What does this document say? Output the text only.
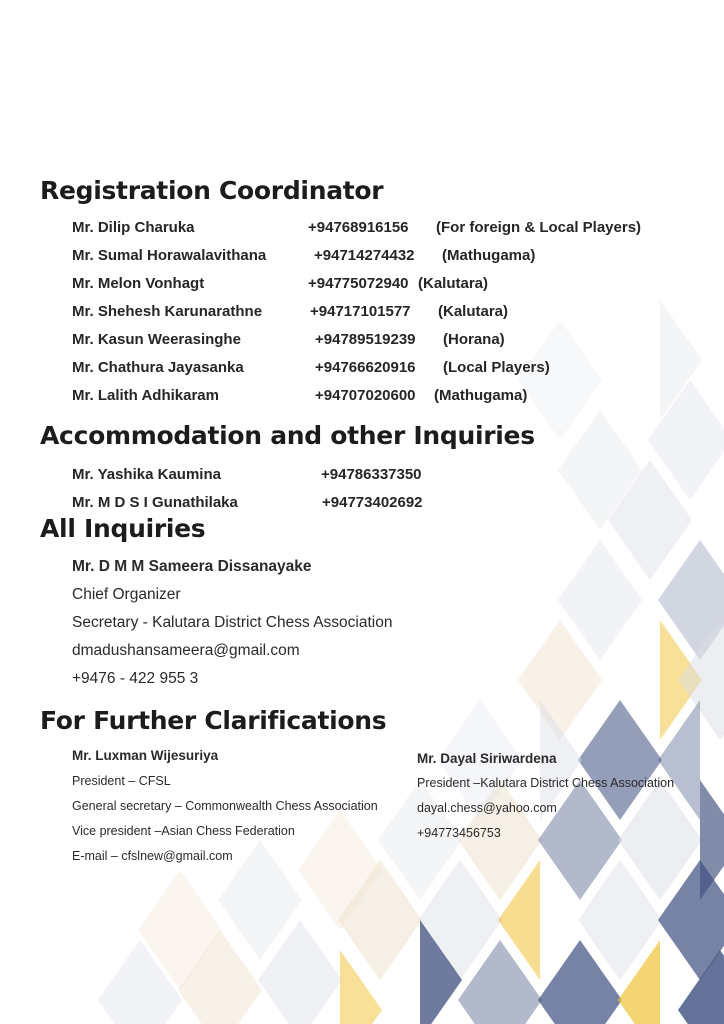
Registration Coordinator
Mr. Dilip Charuka	+94768916156 (For foreign & Local Players)
Mr. Sumal Horawalavithana	+94714274432 (Mathugama)
Mr. Melon Vonhagt	+94775072940 (Kalutara)
Mr. Shehesh Karunarathne	+94717101577 (Kalutara)
Mr. Kasun Weerasinghe	+94789519239 (Horana)
Mr. Chathura Jayasanka	+94766620916 (Local Players)
Mr. Lalith Adhikaram	+94707020600 (Mathugama)
Accommodation and other Inquiries
Mr. Yashika Kaumina	+94786337350
Mr. M D S I Gunathilaka	+94773402692
All Inquiries
Mr. D M M Sameera Dissanayake
Chief Organizer
Secretary - Kalutara District Chess Association
dmadushansameera@gmail.com
+9476 - 422 955 3
For Further Clarifications
Mr. Luxman Wijesuriya
President – CFSL
General secretary – Commonwealth Chess Association
Vice president –Asian Chess Federation
E-mail – cfslnew@gmail.com
Mr. Dayal Siriwardena
President –Kalutara District Chess Association
dayal.chess@yahoo.com
+94773456753
